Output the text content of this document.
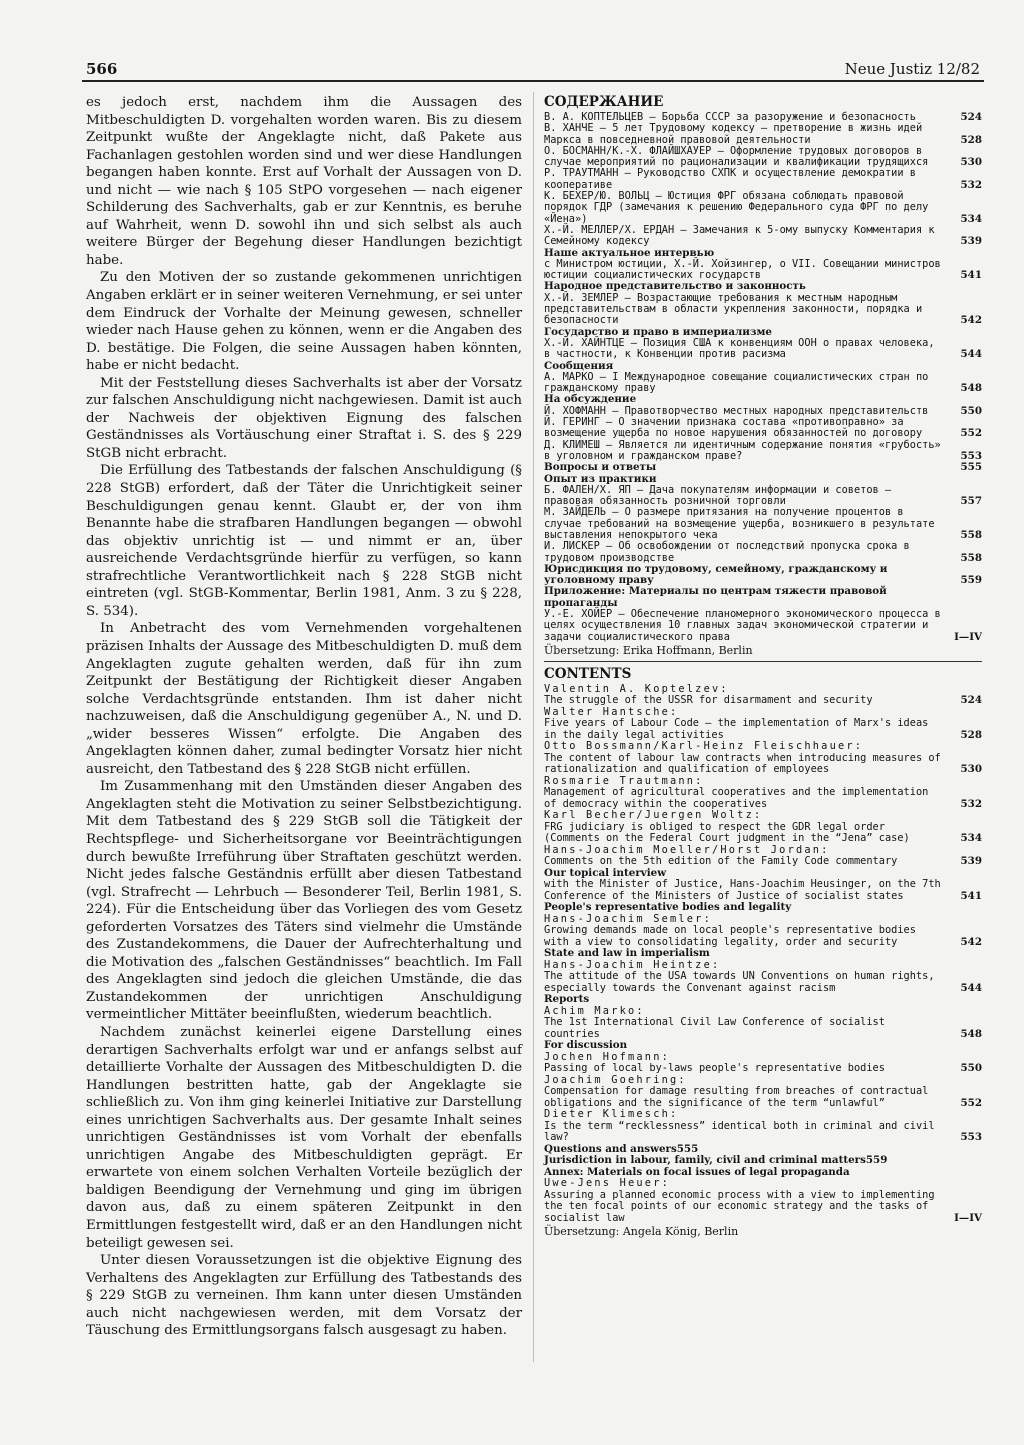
566	Neue Justiz 12/82

es jedoch erst, nachdem ihm die Aussagen des Mitbeschuldigten D. vorgehalten worden waren. Bis zu diesem Zeitpunkt wußte der Angeklagte nicht, daß Pakete aus Fachanlagen gestohlen worden sind und wer diese Handlungen begangen haben konnte. Erst auf Vorhalt der Aussagen von D. und nicht — wie nach § 105 StPO vorgesehen — nach eigener Schilderung des Sachverhalts, gab er zur Kenntnis, es beruhe auf Wahrheit, wenn D. sowohl ihn und sich selbst als auch weitere Bürger der Begehung dieser Handlungen bezichtigt habe.

Zu den Motiven der so zustande gekommenen unrichtigen Angaben erklärt er in seiner weiteren Vernehmung, er sei unter dem Eindruck der Vorhalte der Meinung gewesen, schneller wieder nach Hause gehen zu können, wenn er die Angaben des D. bestätige. Die Folgen, die seine Aussagen haben könnten, habe er nicht bedacht.

Mit der Feststellung dieses Sachverhalts ist aber der Vorsatz zur falschen Anschuldigung nicht nachgewiesen. Damit ist auch der Nachweis der objektiven Eignung des falschen Geständnisses als Vortäuschung einer Straftat i. S. des § 229 StGB nicht erbracht.

Die Erfüllung des Tatbestands der falschen Anschuldigung (§ 228 StGB) erfordert, daß der Täter die Unrichtigkeit seiner Beschuldigungen genau kennt. Glaubt er, der von ihm Benannte habe die strafbaren Handlungen begangen — obwohl das objektiv unrichtig ist — und nimmt er an, über ausreichende Verdachtsgründe hierfür zu verfügen, so kann strafrechtliche Verantwortlichkeit nach § 228 StGB nicht eintreten (vgl. StGB-Kommentar, Berlin 1981, Anm. 3 zu § 228, S. 534).

In Anbetracht des vom Vernehmenden vorgehaltenen präzisen Inhalts der Aussage des Mitbeschuldigten D. muß dem Angeklagten zugute gehalten werden, daß für ihn zum Zeitpunkt der Bestätigung der Richtigkeit dieser Angaben solche Verdachtsgründe entstanden. Ihm ist daher nicht nachzuweisen, daß die Anschuldigung gegenüber A., N. und D. „wider besseres Wissen“ erfolgte. Die Angaben des Angeklagten können daher, zumal bedingter Vorsatz hier nicht ausreicht, den Tatbestand des § 228 StGB nicht erfüllen.

Im Zusammenhang mit den Umständen dieser Angaben des Angeklagten steht die Motivation zu seiner Selbstbezichtigung. Mit dem Tatbestand des § 229 StGB soll die Tätigkeit der Rechtspflege- und Sicherheitsorgane vor Beeinträchtigungen durch bewußte Irreführung über Straftaten geschützt werden. Nicht jedes falsche Geständnis erfüllt aber diesen Tatbestand (vgl. Strafrecht — Lehrbuch — Besonderer Teil, Berlin 1981, S. 224). Für die Entscheidung über das Vorliegen des vom Gesetz geforderten Vorsatzes des Täters sind vielmehr die Umstände des Zustandekommens, die Dauer der Aufrechterhaltung und die Motivation des „falschen Geständnisses“ beachtlich. Im Fall des Angeklagten sind jedoch die gleichen Umstände, die das Zustandekommen der unrichtigen Anschuldigung vermeintlicher Mittäter beeinflußten, wiederum beachtlich.

Nachdem zunächst keinerlei eigene Darstellung eines derartigen Sachverhalts erfolgt war und er anfangs selbst auf detaillierte Vorhalte der Aussagen des Mitbeschuldigten D. die Handlungen bestritten hatte, gab der Angeklagte sie schließlich zu. Von ihm ging keinerlei Initiative zur Darstellung eines unrichtigen Sachverhalts aus. Der gesamte Inhalt seines unrichtigen Geständnisses ist vom Vorhalt der ebenfalls unrichtigen Angabe des Mitbeschuldigten geprägt. Er erwartete von einem solchen Verhalten Vorteile bezüglich der baldigen Beendigung der Vernehmung und ging im übrigen davon aus, daß zu einem späteren Zeitpunkt in den Ermittlungen festgestellt wird, daß er an den Handlungen nicht beteiligt gewesen sei.

Unter diesen Voraussetzungen ist die objektive Eignung des Verhaltens des Angeklagten zur Erfüllung des Tatbestands des § 229 StGB zu verneinen. Ihm kann unter diesen Umständen auch nicht nachgewiesen werden, mit dem Vorsatz der Täuschung des Ermittlungsorgans falsch ausgesagt zu haben.

СОДЕРЖАНИЕ
В. А. КОПТЕЛЬЦЕВ — Борьба СССР за разоружение и безопасность	524
В. ХАНЧЕ — 5 лет Трудовому кодексу — претворение в жизнь идей Маркса в повседневной правовой деятельности	528
О. БОСМАНН/К.-Х. ФЛАЙШХАУЕР — Оформление трудовых договоров в случае мероприятий по рационализации и квалификации трудящихся	530
Р. ТРАУТМАНН — Руководство СХПК и осуществление демократии в кооперативе	532
К. БЕХЕР/Ю. ВОЛЬЦ — Юстиция ФРГ обязана соблюдать правовой порядок ГДР (замечания к решению Федерального суда ФРГ по делу «Йена»)	534
Х.-Й. МЕЛЛЕР/Х. ЕРДАН — Замечания к 5-ому выпуску Комментария к Семейному кодексу	539
Наше актуальное интервью
с Министром юстиции, Х.-Й. Хойзингер, о VII. Совещании министров юстиции социалистических государств	541
Народное представительство и законность
Х.-Й. ЗЕМЛЕР — Возрастающие требования к местным народным представительствам в области укрепления законности, порядка и безопасности	542
Государство и право в империализме
Х.-Й. ХАЙНТЦЕ — Позиция США к конвенциям ООН о правах человека, в частности, к Конвенции против расизма	544
Сообщения
А. МАРКО — I Международное совещание социалистических стран по гражданскому праву	548
На обсуждение
Й. ХОФМАНН — Правотворчество местных народных представительств	550
Й. ГЕРИНГ — О значении признака состава «противоправно» за возмещение ущерба по новое нарушения обязанностей по договору	552
Д. КЛИМЕШ — Является ли идентичным содержание понятия «грубость» в уголовном и гражданском праве?	553
Вопросы и ответы	555
Опыт из практики
Б. ФАЛЕН/Х. ЯП — Дача покупателям информации и советов — правовая обязанность розничной торговли	557
М. ЗАЙДЕЛЬ — О размере притязания на получение процентов в случае требований на возмещение ущерба, возникшего в результате выставления непокрытого чека	558
И. ЛИСКЕР — Об освобождении от последствий пропуска срока в трудовом производстве	558
Юрисдикция по трудовому, семейному, гражданскому и уголовному праву	559
Приложение: Материалы по центрам тяжести правовой пропаганды
У.-Е. ХОЙЕР — Обеспечение планомерного экономического процесса в целях осуществления 10 главных задач экономической стратегии и задачи социалистического права	I—IV
Übersetzung: Erika Hoffmann, Berlin
CONTENTS
Valentin A. Koptelzev:
The struggle of the USSR for disarmament and security	524
Walter Hantsche:
Five years of Labour Code — the implementation of Marx's ideas in the daily legal activities	528
Otto Bossmann/Karl-Heinz Fleischhauer:
The content of labour law contracts when introducing measures of rationalization and qualification of employees	530
Rosmarie Trautmann:
Management of agricultural cooperatives and the implementation of democracy within the cooperatives	532
Karl Becher/Juergen Woltz:
FRG judiciary is obliged to respect the GDR legal order (Comments on the Federal Court judgment in the “Jena” case)	534
Hans-Joachim Moeller/Horst Jordan:
Comments on the 5th edition of the Family Code commentary	539
Our topical interview
with the Minister of Justice, Hans-Joachim Heusinger, on the 7th Conference of the Ministers of Justice of socialist states	541
People's representative bodies and legality
Hans-Joachim Semler:
Growing demands made on local people's representative bodies with a view to consolidating legality, order and security	542
State and law in imperialism
Hans-Joachim Heintze:
The attitude of the USA towards UN Conventions on human rights, especially towards the Convenant against racism	544
Reports
Achim Marko:
The 1st International Civil Law Conference of socialist countries	548
For discussion
Jochen Hofmann:
Passing of local by-laws people's representative bodies	550
Joachim Goehring:
Compensation for damage resulting from breaches of contractual obligations and the significance of the term “unlawful”	552
Dieter Klimesch:
Is the term “recklessness” identical both in criminal and civil law?	553
Questions and answers555
Jurisdiction in labour, family, civil and criminal matters559
Annex: Materials on focal issues of legal propaganda
Uwe-Jens Heuer:
Assuring a planned economic process with a view to implementing the ten focal points of our economic strategy and the tasks of socialist law	I—IV
Übersetzung: Angela König, Berlin
